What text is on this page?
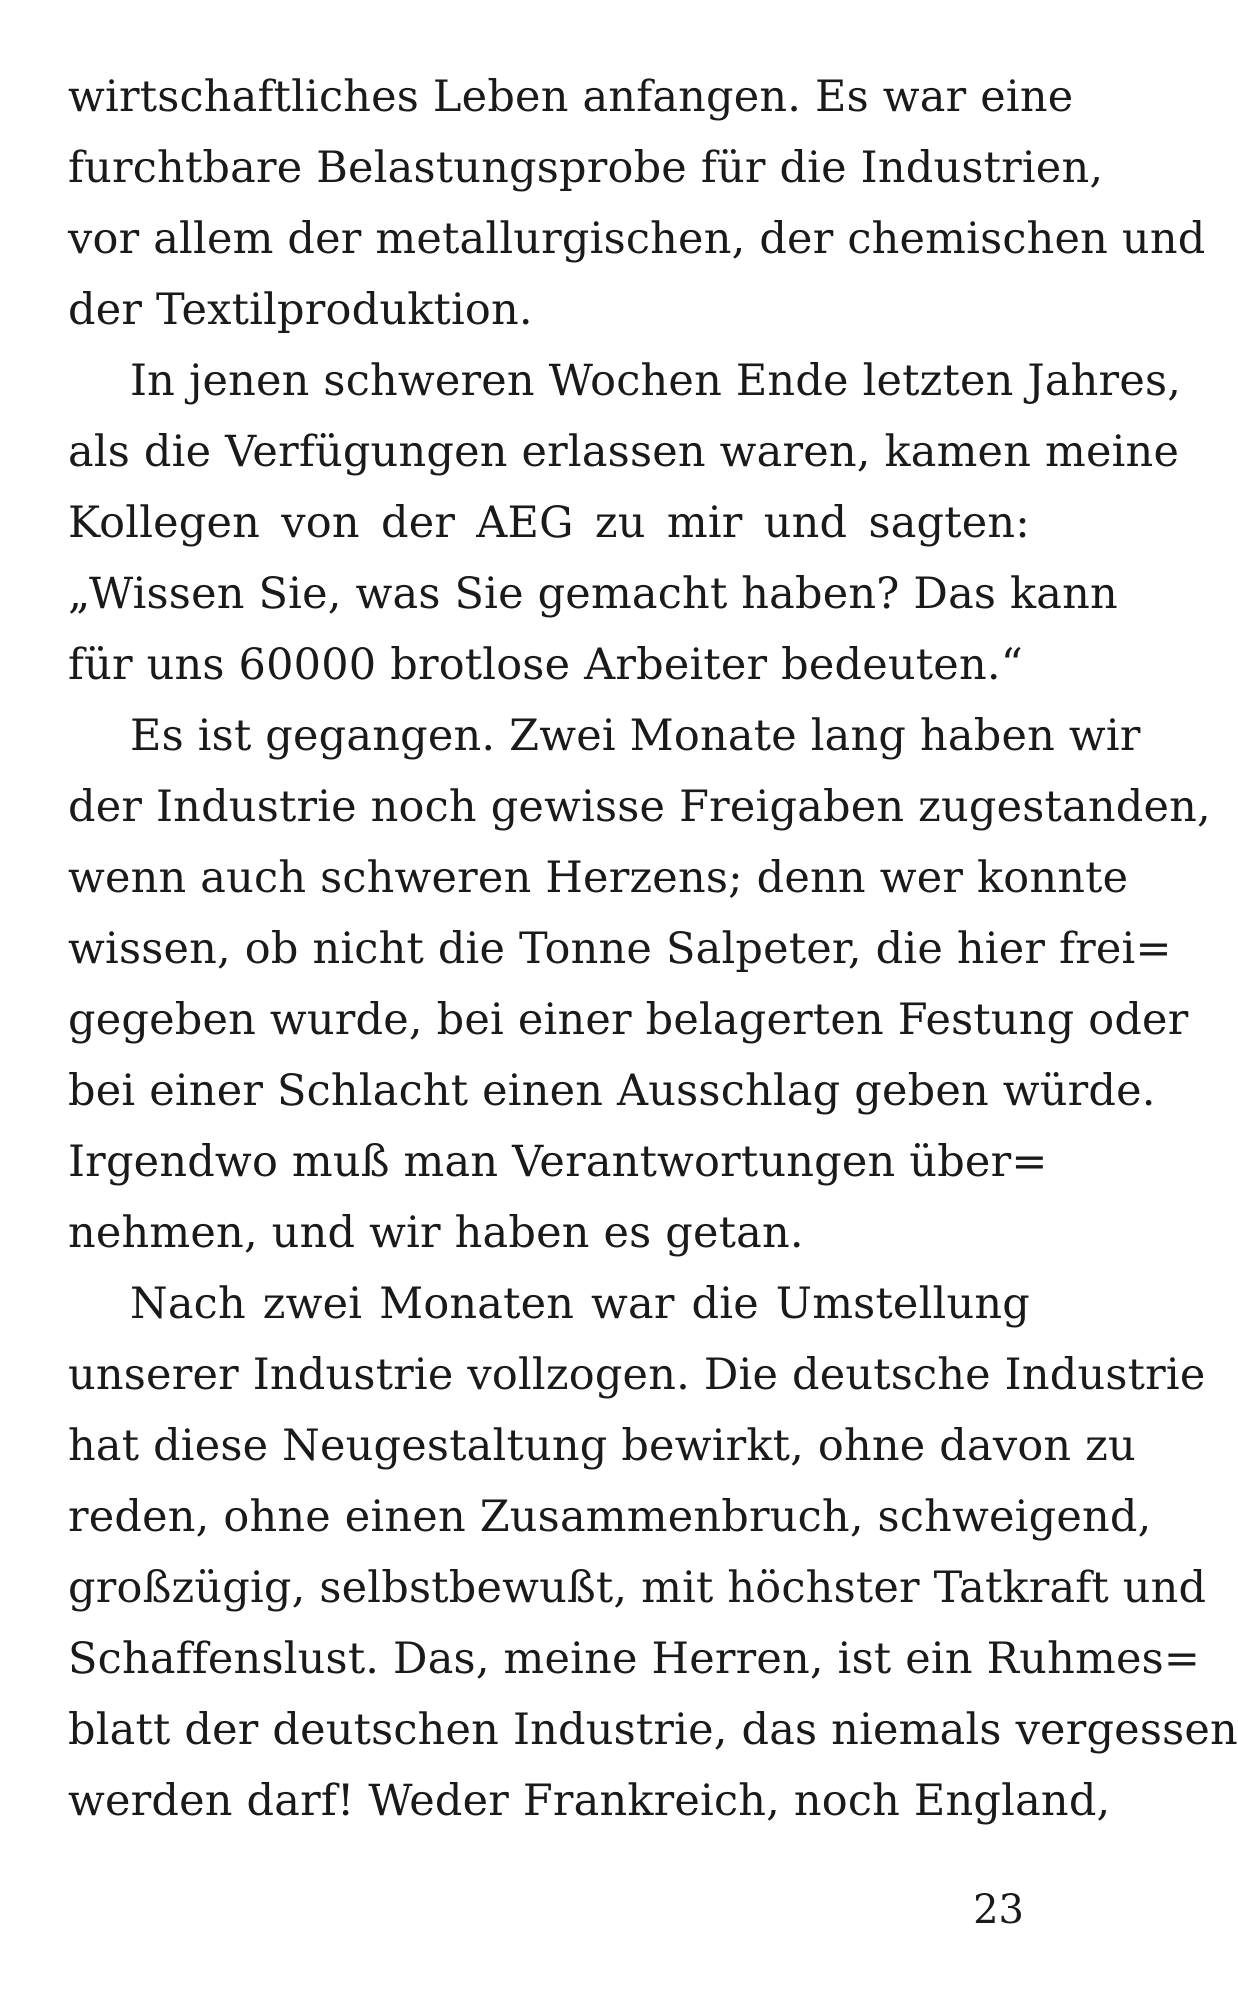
wirtschaftliches Leben anfangen. Es war eine
furchtbare Belastungsprobe für die Industrien,
vor allem der metallurgischen, der chemischen und
der Textilproduktion.
In jenen schweren Wochen Ende letzten Jahres,
als die Verfügungen erlassen waren, kamen meine
Kollegen von der AEG zu mir und sagten:
„Wissen Sie, was Sie gemacht haben? Das kann
für uns 60000 brotlose Arbeiter bedeuten.“
Es ist gegangen. Zwei Monate lang haben wir
der Industrie noch gewisse Freigaben zugestanden,
wenn auch schweren Herzens; denn wer konnte
wissen, ob nicht die Tonne Salpeter, die hier frei=
gegeben wurde, bei einer belagerten Festung oder
bei einer Schlacht einen Ausschlag geben würde.
Irgendwo muß man Verantwortungen über=
nehmen, und wir haben es getan.
Nach zwei Monaten war die Umstellung
unserer Industrie vollzogen. Die deutsche Industrie
hat diese Neugestaltung bewirkt, ohne davon zu
reden, ohne einen Zusammenbruch, schweigend,
großzügig, selbstbewußt, mit höchster Tatkraft und
Schaffenslust. Das, meine Herren, ist ein Ruhmes=
blatt der deutschen Industrie, das niemals vergessen
werden darf! Weder Frankreich, noch England,
23
